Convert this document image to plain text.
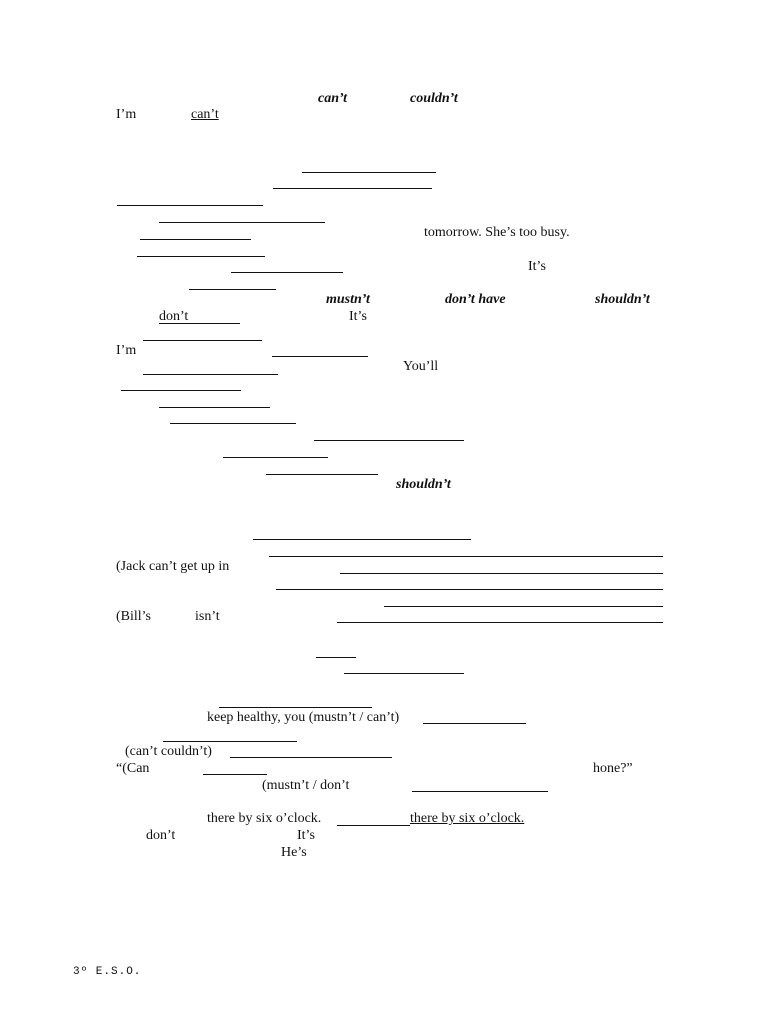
can’t	couldn’t
I’m	can’t
tomorrow. She’s too busy.
It’s
mustn’t	don’t have	shouldn’t
don’t	It’s
I’m
You’ll
shouldn’t
(Jack can’t get up in
(Bill’s	isn’t
keep healthy, you (mustn’t / can’t)
(can’t couldn’t)
“(Can	hone?”
(mustn’t / don’t
there by six o’clock.	there by six o’clock.
don’t	It’s
He’s
3º E.S.O.
